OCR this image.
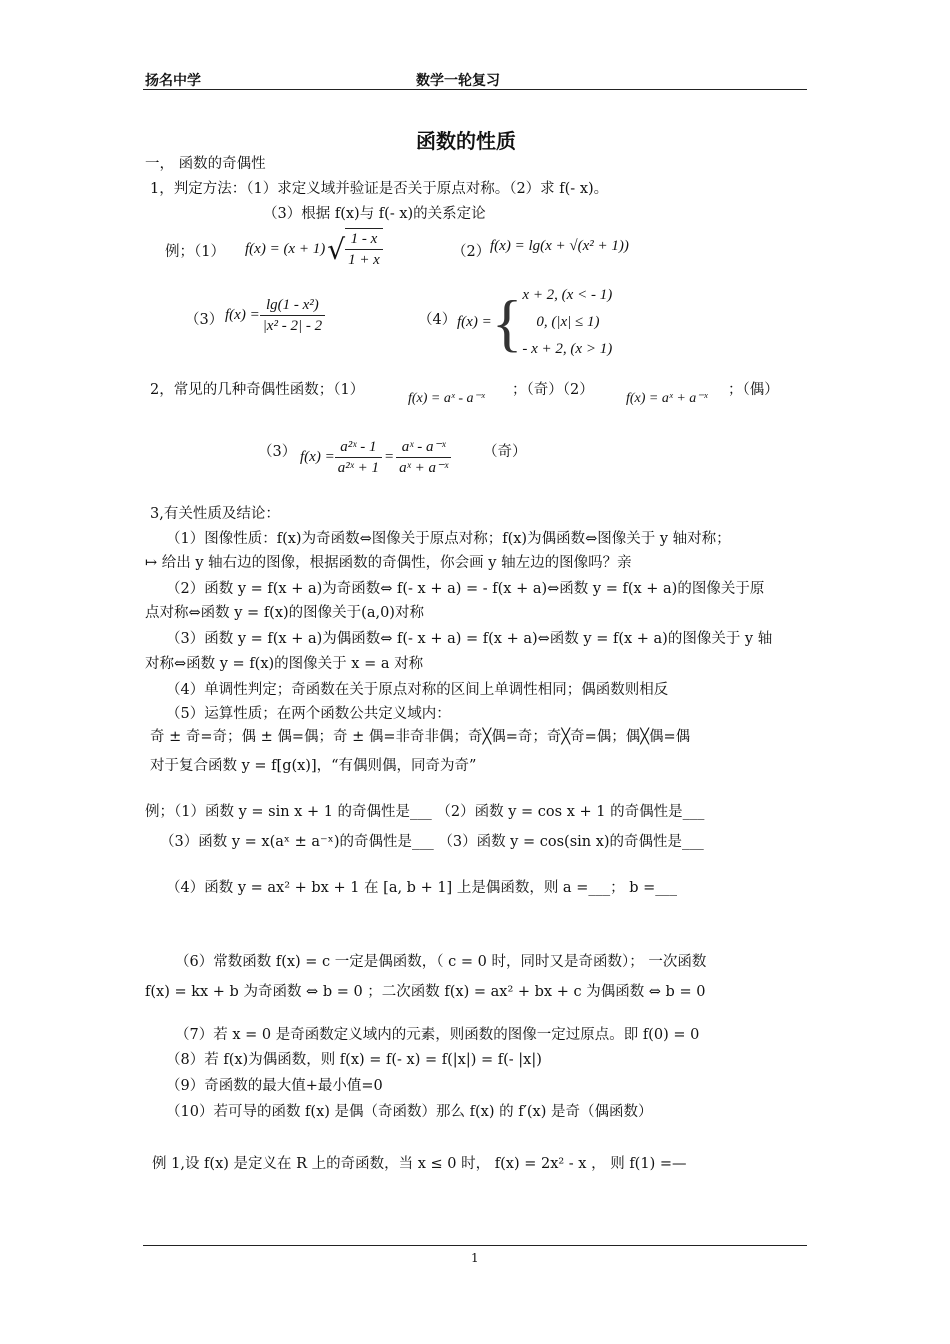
扬名中学	数学一轮复习
函数的性质
一， 函数的奇偶性
1，判定方法：（1）求定义域并验证是否关于原点对称。（2）求 f(- x)。
（3）根据 f(x)与 f(- x)的关系定论
例；（1） f(x) = (x + 1) √ $\frac{1 - x}{1 + x}$	（2） f(x) = lg(x + √(x² + 1))
（3） $f(x) = \frac{\text{lg(1 - x²)}}{\text{|x² - 2| - 2}}$	（4） f(x) = { x + 2, (x < - 1)
0, (|x| ≤ 1)
- x + 2, (x > 1)
2，常见的几种奇偶性函数；（1）
f(x) = aˣ - a⁻ˣ
；（奇）（2）
f(x) = aˣ + a⁻ˣ
；（偶）
（3） $f(x) = \frac{\text{a²ˣ - 1}}{\text{a²ˣ + 1}} = \frac{\text{aˣ - a⁻ˣ}}{\text{aˣ + a⁻ˣ}}$ （奇）
3,有关性质及结论：
（1）图像性质：f(x)为奇函数⇔图像关于原点对称；f(x)为偶函数⇔图像关于 y 轴对称；
↦ 给出 y 轴右边的图像，根据函数的奇偶性，你会画 y 轴左边的图像吗？亲
（2）函数 y = f(x + a)为奇函数⇔ f(- x + a) = - f(x + a)⇔函数 y = f(x + a)的图像关于原
点对称⇔函数 y = f(x)的图像关于(a,0)对称
（3）函数 y = f(x + a)为偶函数⇔ f(- x + a) = f(x + a)⇔函数 y = f(x + a)的图像关于 y 轴
对称⇔函数 y = f(x)的图像关于 x = a 对称
（4）单调性判定；奇函数在关于原点对称的区间上单调性相同；偶函数则相反
（5）运算性质；在两个函数公共定义域内：
奇 ± 奇=奇；偶 ± 偶=偶；奇 ± 偶=非奇非偶；奇╳偶=奇；奇╳奇=偶；偶╳偶=偶
对于复合函数 y = f[g(x)]，“有偶则偶，同奇为奇”
例；（1）函数 y = sin x + 1 的奇偶性是___ （2）函数 y = cos x + 1 的奇偶性是___
（3）函数 y = x(aˣ ± a⁻ˣ)的奇偶性是___ （3）函数 y = cos(sin x)的奇偶性是___
（4）函数 y = ax² + bx + 1 在 [a, b + 1] 上是偶函数，则 a =___； b =___
（6）常数函数 f(x) = c 一定是偶函数，（ c = 0 时，同时又是奇函数）； 一次函数
f(x) = kx + b 为奇函数 ⇔ b = 0 ；二次函数 f(x) = ax² + bx + c 为偶函数 ⇔ b = 0
（7）若 x = 0 是奇函数定义域内的元素，则函数的图像一定过原点。即 f(0) = 0
（8）若 f(x)为偶函数，则 f(x) = f(- x) = f(|x|) = f(- |x|)
（9）奇函数的最大值+最小值=0
（10）若可导的函数 f(x) 是偶（奇函数）那么 f(x) 的 f′(x) 是奇（偶函数）
例 1,设 f(x) 是定义在 R 上的奇函数，当 x ≤ 0 时， f(x) = 2x² - x ， 则 f(1) =—
1
